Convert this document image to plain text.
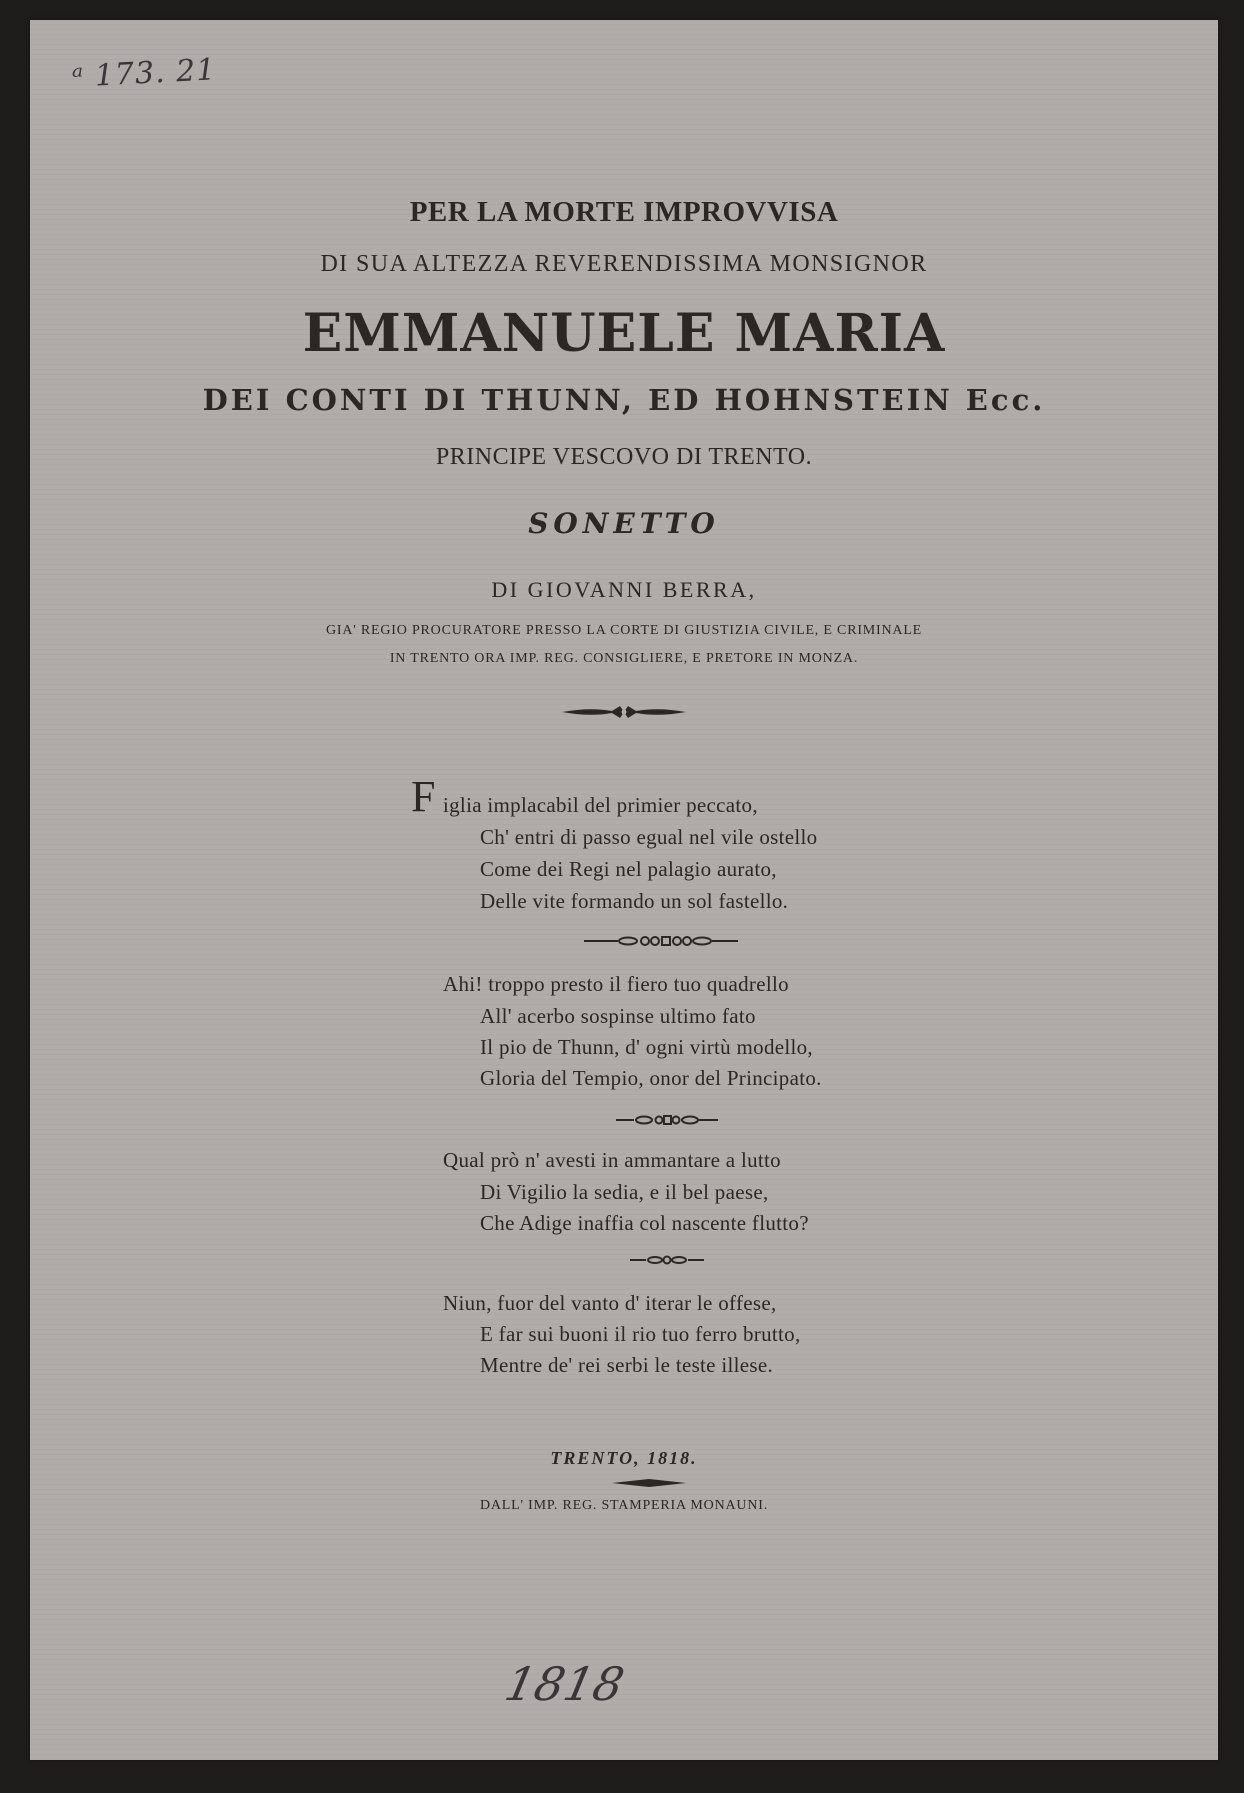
ᵃ 173. 21
PER LA MORTE IMPROVVISA
DI SUA ALTEZZA REVERENDISSIMA MONSIGNOR
EMMANUELE MARIA
DEI CONTI DI THUNN, ED HOHNSTEIN Ecc.
PRINCIPE VESCOVO DI TRENTO.
SONETTO
DI GIOVANNI BERRA,
GIA' REGIO PROCURATORE PRESSO LA CORTE DI GIUSTIZIA CIVILE, E CRIMINALE
IN TRENTO ORA IMP. REG. CONSIGLIERE, E PRETORE IN MONZA.
F iglia implacabil del primier peccato,
Ch' entri di passo egual nel vile ostello
Come dei Regi nel palagio aurato,
Delle vite formando un sol fastello.
Ahi! troppo presto il fiero tuo quadrello
All' acerbo sospinse ultimo fato
Il pio de Thunn, d' ogni virtù modello,
Gloria del Tempio, onor del Principato.
Qual prò n' avesti in ammantare a lutto
Di Vigilio la sedia, e il bel paese,
Che Adige inaffia col nascente flutto?
Niun, fuor del vanto d' iterar le offese,
E far sui buoni il rio tuo ferro brutto,
Mentre de' rei serbi le teste illese.
TRENTO, 1818.
DALL' IMP. REG. STAMPERIA MONAUNI.
1818
